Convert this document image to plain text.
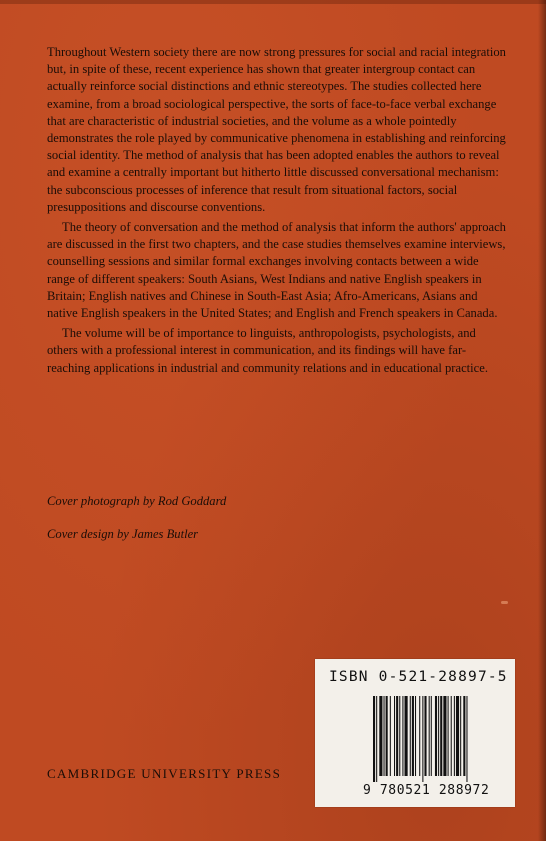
Throughout Western society there are now strong pressures for social and racial integration but, in spite of these, recent experience has shown that greater intergroup contact can actually reinforce social distinctions and ethnic stereotypes. The studies collected here examine, from a broad sociological perspective, the sorts of face-to-face verbal exchange that are characteristic of industrial societies, and the volume as a whole pointedly demonstrates the role played by communicative phenomena in establishing and reinforcing social identity. The method of analysis that has been adopted enables the authors to reveal and examine a centrally important but hitherto little discussed conversational mechanism: the subconscious processes of inference that result from situational factors, social presuppositions and discourse conventions.

The theory of conversation and the method of analysis that inform the authors' approach are discussed in the first two chapters, and the case studies themselves examine interviews, counselling sessions and similar formal exchanges involving contacts between a wide range of different speakers: South Asians, West Indians and native English speakers in Britain; English natives and Chinese in South-East Asia; Afro-Americans, Asians and native English speakers in the United States; and English and French speakers in Canada.

The volume will be of importance to linguists, anthropologists, psychologists, and others with a professional interest in communication, and its findings will have far-reaching applications in industrial and community relations and in educational practice.

Cover photograph by Rod Goddard
Cover design by James Butler
ISBN 0-521-28897-5
9 780521 288972
CAMBRIDGE UNIVERSITY PRESS
